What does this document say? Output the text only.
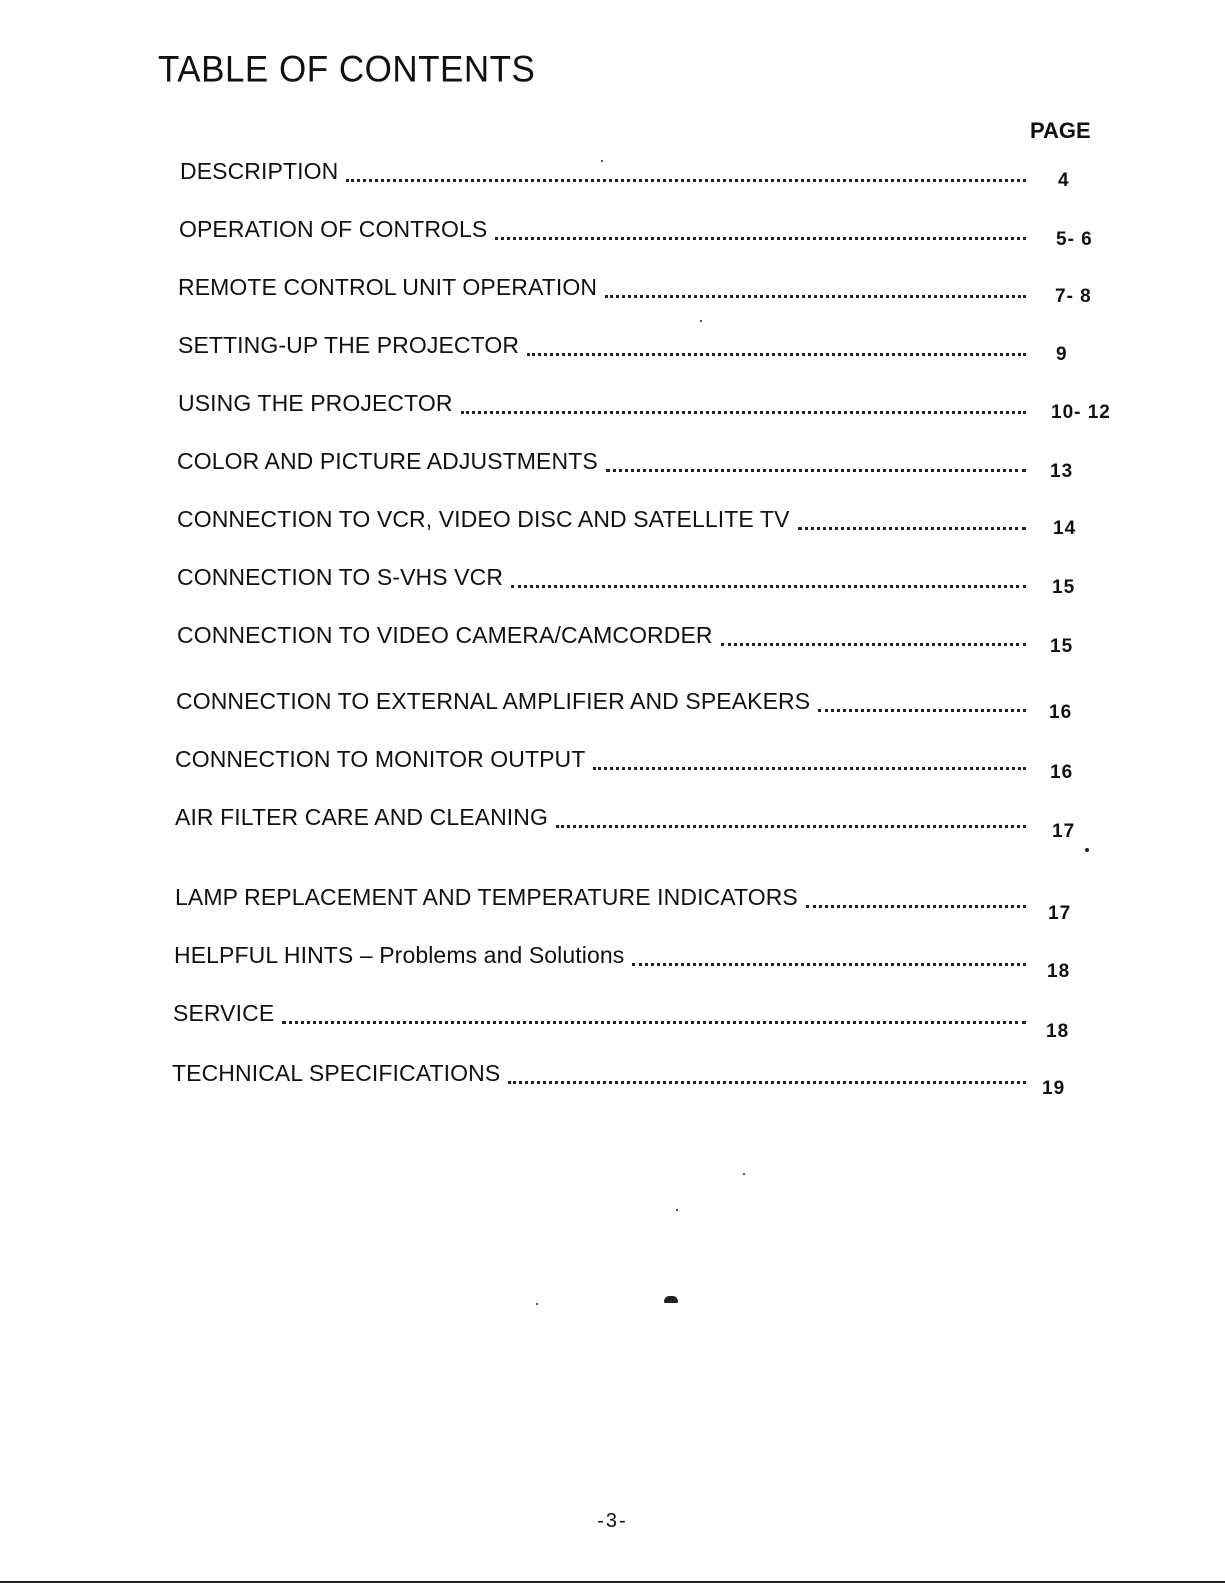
TABLE OF CONTENTS
PAGE
DESCRIPTION
OPERATION OF CONTROLS
REMOTE CONTROL UNIT OPERATION
SETTING-UP THE PROJECTOR
USING THE PROJECTOR
COLOR AND PICTURE ADJUSTMENTS
CONNECTION TO VCR, VIDEO DISC AND SATELLITE TV
CONNECTION TO S-VHS VCR
CONNECTION TO VIDEO CAMERA/CAMCORDER
CONNECTION TO EXTERNAL AMPLIFIER AND SPEAKERS
CONNECTION TO MONITOR OUTPUT
AIR FILTER CARE AND CLEANING
LAMP REPLACEMENT AND TEMPERATURE INDICATORS
HELPFUL HINTS – Problems and Solutions
SERVICE
TECHNICAL SPECIFICATIONS
4
5- 6
7- 8
9
10- 12
13
14
15
15
16
16
17
17
18
18
19
-3-
